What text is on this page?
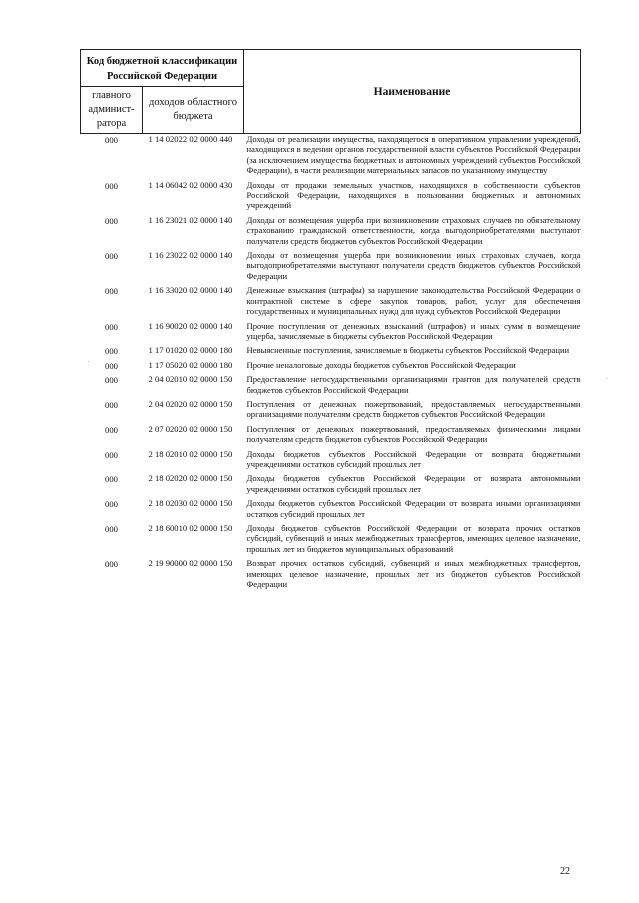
Код бюджетной классификации Российской Федерации		Наименование
главного админист-ратора	доходов областного бюджета	
000	1 14 02022 02 0000 440	Доходы от реализации имущества, находящегося в оперативном управлении учреждений, находящихся в ведении органов государственной власти субъектов Российской Федерации (за исключением имущества бюджетных и автономных учреждений субъектов Российской Федерации), в части реализации материальных запасов по указанному имуществу
000	1 14 06042 02 0000 430	Доходы от продажи земельных участков, находящихся в собственности субъектов Российской Федерации, находящихся в пользовании бюджетных и автономных учреждений
000	1 16 23021 02 0000 140	Доходы от возмещения ущерба при возникновении страховых случаев по обязательному страхованию гражданской ответственности, когда выгодоприобретателями выступают получатели средств бюджетов субъектов Российской Федерации
000	1 16 23022 02 0000 140	Доходы от возмещения ущерба при возникновении иных страховых случаев, когда выгодоприобретателями выступают получатели средств бюджетов субъектов Российской Федерации
000	1 16 33020 02 0000 140	Денежные взыскания (штрафы) за нарушение законодательства Российской Федерации о контрактной системе в сфере закупок товаров, работ, услуг для обеспечения государственных и муниципальных нужд для нужд субъектов Российской Федерации
000	1 16 90020 02 0000 140	Прочие поступления от денежных взысканий (штрафов) и иных сумм в возмещение ущерба, зачисляемые в бюджеты субъектов Российской Федерации
000	1 17 01020 02 0000 180	Невыясненные поступления, зачисляемые в бюджеты субъектов Российской Федерации
000	1 17 05020 02 0000 180	Прочие неналоговые доходы бюджетов субъектов Российской Федерации
000	2 04 02010 02 0000 150	Предоставление негосударственными организациями грантов для получателей средств бюджетов субъектов Российской Федерации
000	2 04 02020 02 0000 150	Поступления от денежных пожертвований, предоставляемых негосударственными организациями получателям средств бюджетов субъектов Российской Федерации
000	2 07 02020 02 0000 150	Поступления от денежных пожертвований, предоставляемых физическими лицами получателям средств бюджетов субъектов Российской Федерации
000	2 18 02010 02 0000 150	Доходы бюджетов субъектов Российской Федерации от возврата бюджетными учреждениями остатков субсидий прошлых лет
000	2 18 02020 02 0000 150	Доходы бюджетов субъектов Российской Федерации от возврата автономными учреждениями остатков субсидий прошлых лет
000	2 18 02030 02 0000 150	Доходы бюджетов субъектов Российской Федерации от возврата иными организациями остатков субсидий прошлых лет
000	2 18 60010 02 0000 150	Доходы бюджетов субъектов Российской Федерации от возврата прочих остатков субсидий, субвенций и иных межбюджетных трансфертов, имеющих целевое назначение, прошлых лет из бюджетов муниципальных образований
000	2 19 90000 02 0000 150	Возврат прочих остатков субсидий, субвенций и иных межбюджетных трансфертов, имеющих целевое назначение, прошлых лет из бюджетов субъектов Российской Федерации
.
.
22
